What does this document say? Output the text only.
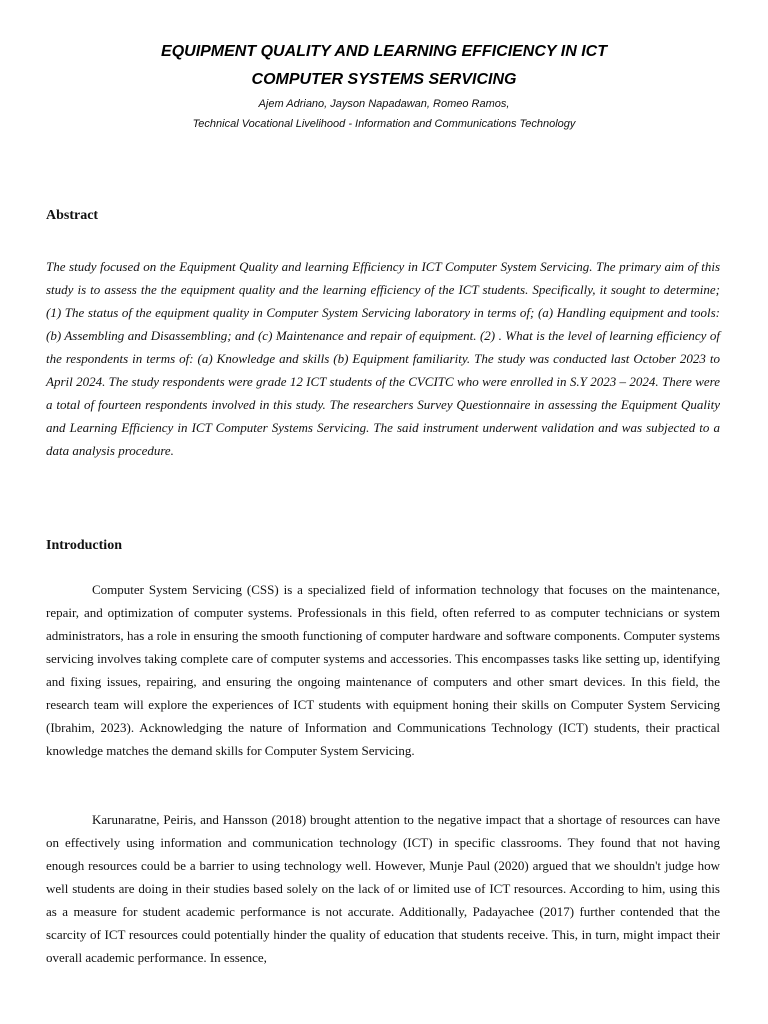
EQUIPMENT QUALITY AND LEARNING EFFICIENCY IN ICT
COMPUTER SYSTEMS SERVICING
Ajem Adriano, Jayson Napadawan, Romeo Ramos,
Technical Vocational Livelihood - Information and Communications Technology
Abstract

The study focused on the Equipment Quality and learning Efficiency in ICT Computer System Servicing. The primary aim of this study is to assess the the equipment quality and the learning efficiency of the ICT students. Specifically, it sought to determine; (1) The status of the equipment quality in Computer System Servicing laboratory in terms of; (a) Handling equipment and tools: (b) Assembling and Disassembling; and (c) Maintenance and repair of equipment. (2) . What is the level of learning efficiency of the respondents in terms of: (a) Knowledge and skills (b) Equipment familiarity. The study was conducted last October 2023 to April 2024. The study respondents were grade 12 ICT students of the CVCITC who were enrolled in S.Y 2023 – 2024. There were a total of fourteen respondents involved in this study. The researchers Survey Questionnaire in assessing the Equipment Quality and Learning Efficiency in ICT Computer Systems Servicing. The said instrument underwent validation and was subjected to a data analysis procedure.

Introduction

Computer System Servicing (CSS) is a specialized field of information technology that focuses on the maintenance, repair, and optimization of computer systems. Professionals in this field, often referred to as computer technicians or system administrators, has a role in ensuring the smooth functioning of computer hardware and software components. Computer systems servicing involves taking complete care of computer systems and accessories. This encompasses tasks like setting up, identifying and fixing issues, repairing, and ensuring the ongoing maintenance of computers and other smart devices. In this field, the research team will explore the experiences of ICT students with equipment honing their skills on Computer System Servicing (Ibrahim, 2023). Acknowledging the nature of Information and Communications Technology (ICT) students, their practical knowledge matches the demand skills for Computer System Servicing.

Karunaratne, Peiris, and Hansson (2018) brought attention to the negative impact that a shortage of resources can have on effectively using information and communication technology (ICT) in specific classrooms. They found that not having enough resources could be a barrier to using technology well. However, Munje Paul (2020) argued that we shouldn't judge how well students are doing in their studies based solely on the lack of or limited use of ICT resources. According to him, using this as a measure for student academic performance is not accurate. Additionally, Padayachee (2017) further contended that the scarcity of ICT resources could potentially hinder the quality of education that students receive. This, in turn, might impact their overall academic performance. In essence,
